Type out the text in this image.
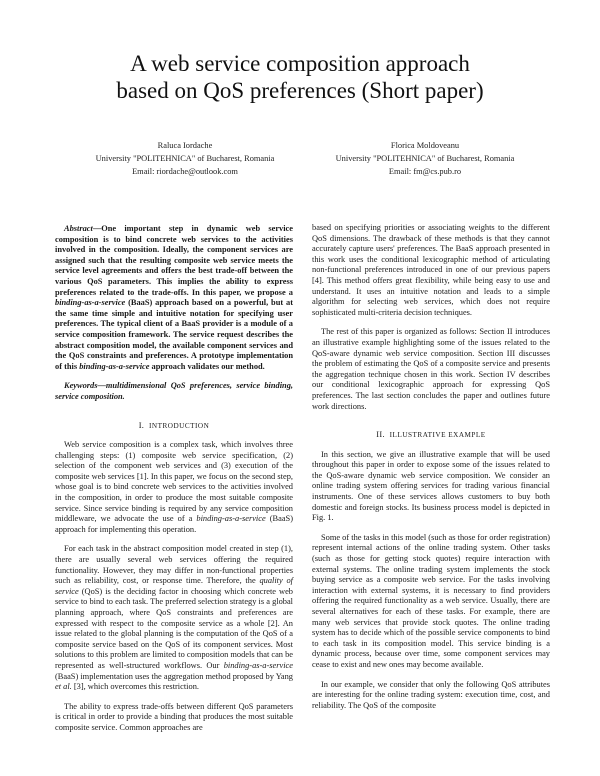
A web service composition approach
based on QoS preferences (Short paper)
Raluca Iordache
University "POLITEHNICA" of Bucharest, Romania
Email: riordache@outlook.com
Florica Moldoveanu
University "POLITEHNICA" of Bucharest, Romania
Email: fm@cs.pub.ro

Abstract—One important step in dynamic web service composition is to bind concrete web services to the activities involved in the composition. Ideally, the component services are assigned such that the resulting composite web service meets the service level agreements and offers the best trade-off between the various QoS parameters. This implies the ability to express preferences related to the trade-offs. In this paper, we propose a binding-as-a-service (BaaS) approach based on a powerful, but at the same time simple and intuitive notation for specifying user preferences. The typical client of a BaaS provider is a module of a service composition framework. The service request describes the abstract composition model, the available component services and the QoS constraints and preferences. A prototype implementation of this binding-as-a-service approach validates our method.

Keywords—multidimensional QoS preferences, service binding, service composition.

I. INTRODUCTION

Web service composition is a complex task, which involves three challenging steps: (1) composite web service specification, (2) selection of the component web services and (3) execution of the composite web services [1]. In this paper, we focus on the second step, whose goal is to bind concrete web services to the activities involved in the composition, in order to produce the most suitable composite service. Since service binding is required by any service composition middleware, we advocate the use of a binding-as-a-service (BaaS) approach for implementing this operation.

For each task in the abstract composition model created in step (1), there are usually several web services offering the required functionality. However, they may differ in non-functional properties such as reliability, cost, or response time. Therefore, the quality of service (QoS) is the deciding factor in choosing which concrete web service to bind to each task. The preferred selection strategy is a global planning approach, where QoS constraints and preferences are expressed with respect to the composite service as a whole [2]. An issue related to the global planning is the computation of the QoS of a composite service based on the QoS of its component services. Most solutions to this problem are limited to composition models that can be represented as well-structured workflows. Our binding-as-a-service (BaaS) implementation uses the aggregation method proposed by Yang et al. [3], which overcomes this restriction.

The ability to express trade-offs between different QoS parameters is critical in order to provide a binding that produces the most suitable composite service. Common approaches are

based on specifying priorities or associating weights to the different QoS dimensions. The drawback of these methods is that they cannot accurately capture users' preferences. The BaaS approach presented in this work uses the conditional lexicographic method of articulating non-functional preferences introduced in one of our previous papers [4]. This method offers great flexibility, while being easy to use and understand. It uses an intuitive notation and leads to a simple algorithm for selecting web services, which does not require sophisticated multi-criteria decision techniques.

The rest of this paper is organized as follows: Section II introduces an illustrative example highlighting some of the issues related to the QoS-aware dynamic web service composition. Section III discusses the problem of estimating the QoS of a composite service and presents the aggregation technique chosen in this work. Section IV describes our conditional lexicographic approach for expressing QoS preferences. The last section concludes the paper and outlines future work directions.

II. ILLUSTRATIVE EXAMPLE

In this section, we give an illustrative example that will be used throughout this paper in order to expose some of the issues related to the QoS-aware dynamic web service composition. We consider an online trading system offering services for trading various financial instruments. One of these services allows customers to buy both domestic and foreign stocks. Its business process model is depicted in Fig. 1.

Some of the tasks in this model (such as those for order registration) represent internal actions of the online trading system. Other tasks (such as those for getting stock quotes) require interaction with external systems. The online trading system implements the stock buying service as a composite web service. For the tasks involving interaction with external systems, it is necessary to find providers offering the required functionality as a web service. Usually, there are several alternatives for each of these tasks. For example, there are many web services that provide stock quotes. The online trading system has to decide which of the possible service components to bind to each task in its composition model. This service binding is a dynamic process, because over time, some component services may cease to exist and new ones may become available.

In our example, we consider that only the following QoS attributes are interesting for the online trading system: execution time, cost, and reliability. The QoS of the composite
